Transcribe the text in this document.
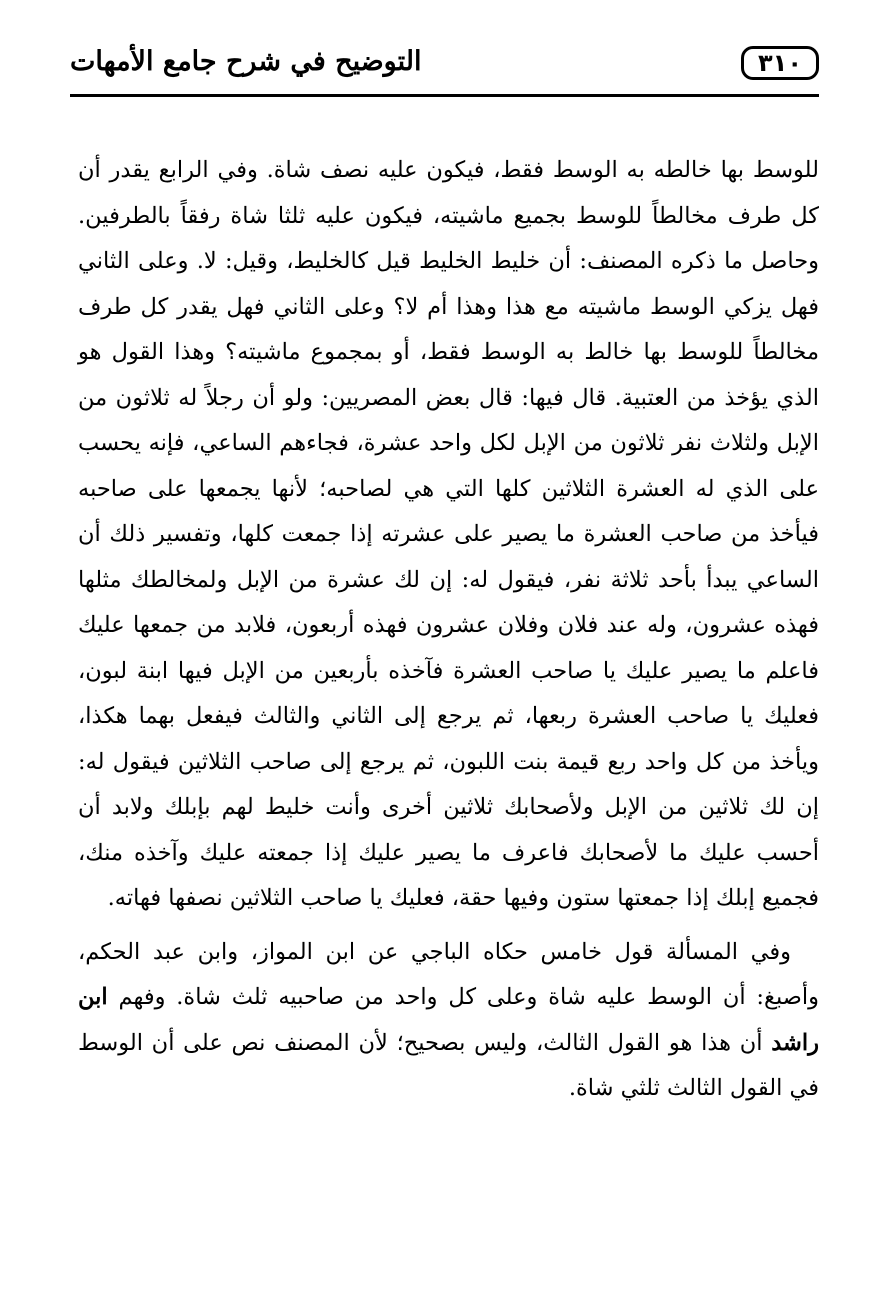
التوضيح في شرح جامع الأمهات	٣١٠

للوسط بها خالطه به الوسط فقط، فيكون عليه نصف شاة. وفي الرابع يقدر أن كل طرف مخالطاً للوسط بجميع ماشيته، فيكون عليه ثلثا شاة رفقاً بالطرفين. وحاصل ما ذكره المصنف: أن خليط الخليط قيل كالخليط، وقيل: لا. وعلى الثاني فهل يزكي الوسط ماشيته مع هذا وهذا أم لا؟ وعلى الثاني فهل يقدر كل طرف مخالطاً للوسط بها خالط به الوسط فقط، أو بمجموع ماشيته؟ وهذا القول هو الذي يؤخذ من العتبية. قال فيها: قال بعض المصريين: ولو أن رجلاً له ثلاثون من الإبل ولثلاث نفر ثلاثون من الإبل لكل واحد عشرة، فجاءهم الساعي، فإنه يحسب على الذي له العشرة الثلاثين كلها التي هي لصاحبه؛ لأنها يجمعها على صاحبه فيأخذ من صاحب العشرة ما يصير على عشرته إذا جمعت كلها، وتفسير ذلك أن الساعي يبدأ بأحد ثلاثة نفر، فيقول له: إن لك عشرة من الإبل ولمخالطك مثلها فهذه عشرون، وله عند فلان وفلان عشرون فهذه أربعون، فلابد من جمعها عليك فاعلم ما يصير عليك يا صاحب العشرة فآخذه بأربعين من الإبل فيها ابنة لبون، فعليك يا صاحب العشرة ربعها، ثم يرجع إلى الثاني والثالث فيفعل بهما هكذا، ويأخذ من كل واحد ربع قيمة بنت اللبون، ثم يرجع إلى صاحب الثلاثين فيقول له: إن لك ثلاثين من الإبل ولأصحابك ثلاثين أخرى وأنت خليط لهم بإبلك ولابد أن أحسب عليك ما لأصحابك فاعرف ما يصير عليك إذا جمعته عليك وآخذه منك، فجميع إبلك إذا جمعتها ستون وفيها حقة، فعليك يا صاحب الثلاثين نصفها فهاته.

وفي المسألة قول خامس حكاه الباجي عن ابن المواز، وابن عبد الحكم، وأصبغ: أن الوسط عليه شاة وعلى كل واحد من صاحبيه ثلث شاة. وفهم ابن راشد أن هذا هو القول الثالث، وليس بصحيح؛ لأن المصنف نص على أن الوسط في القول الثالث ثلثي شاة.
